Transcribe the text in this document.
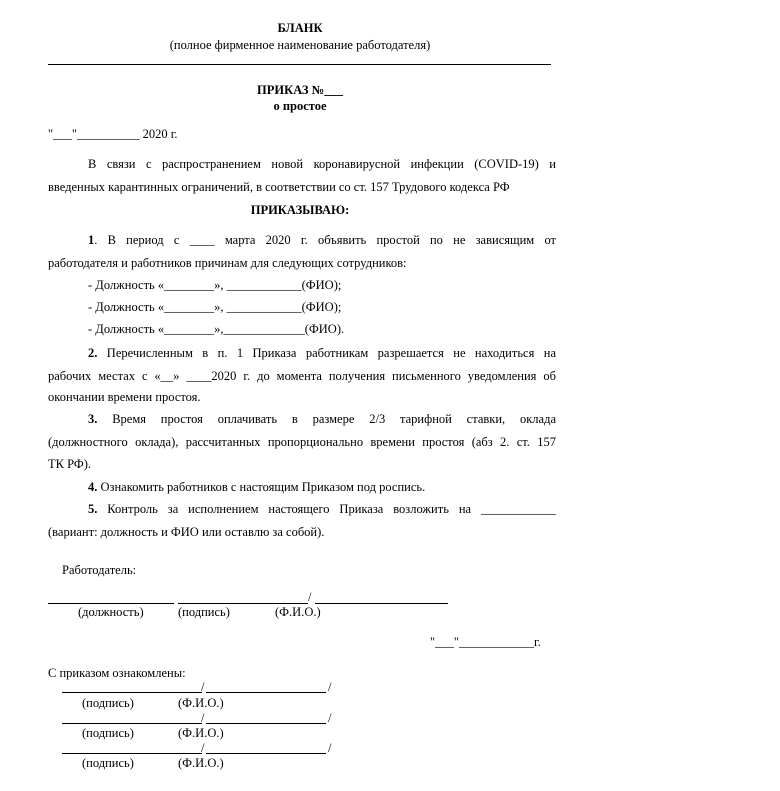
БЛАНК
(полное фирменное наименование работодателя)
ПРИКАЗ №___
о простое
"___"__________ 2020 г.
В связи с распространением новой коронавирусной инфекции (COVID-19) и
введенных карантинных ограничений, в соответствии со ст. 157 Трудового кодекса РФ
ПРИКАЗЫВАЮ:
1. В период с ____ марта 2020 г. объявить простой по не зависящим от
работодателя и работников причинам для следующих сотрудников:
- Должность «________», ____________(ФИО);
- Должность «________», ____________(ФИО);
- Должность «________»,_____________(ФИО).
2. Перечисленным в п. 1 Приказа работникам разрешается не находиться на
рабочих местах с «__» ____2020 г. до момента получения письменного уведомления об
окончании времени простоя.
3. Время простоя оплачивать в размере 2/3 тарифной ставки, оклада
(должностного оклада), рассчитанных пропорционально времени простоя (абз 2. ст. 157
ТК РФ).
4. Ознакомить работников с настоящим Приказом под роспись.
5. Контроль за исполнением настоящего Приказа возложить на ____________
(вариант: должность и ФИО или оставлю за собой).
Работодатель:
/
(должность)	(подпись)	(Ф.И.О.)
"___"____________г.
С приказом ознакомлены:
/	/
(подпись)	(Ф.И.О.)
/	/
(подпись)	(Ф.И.О.)
/	/
(подпись)	(Ф.И.О.)
